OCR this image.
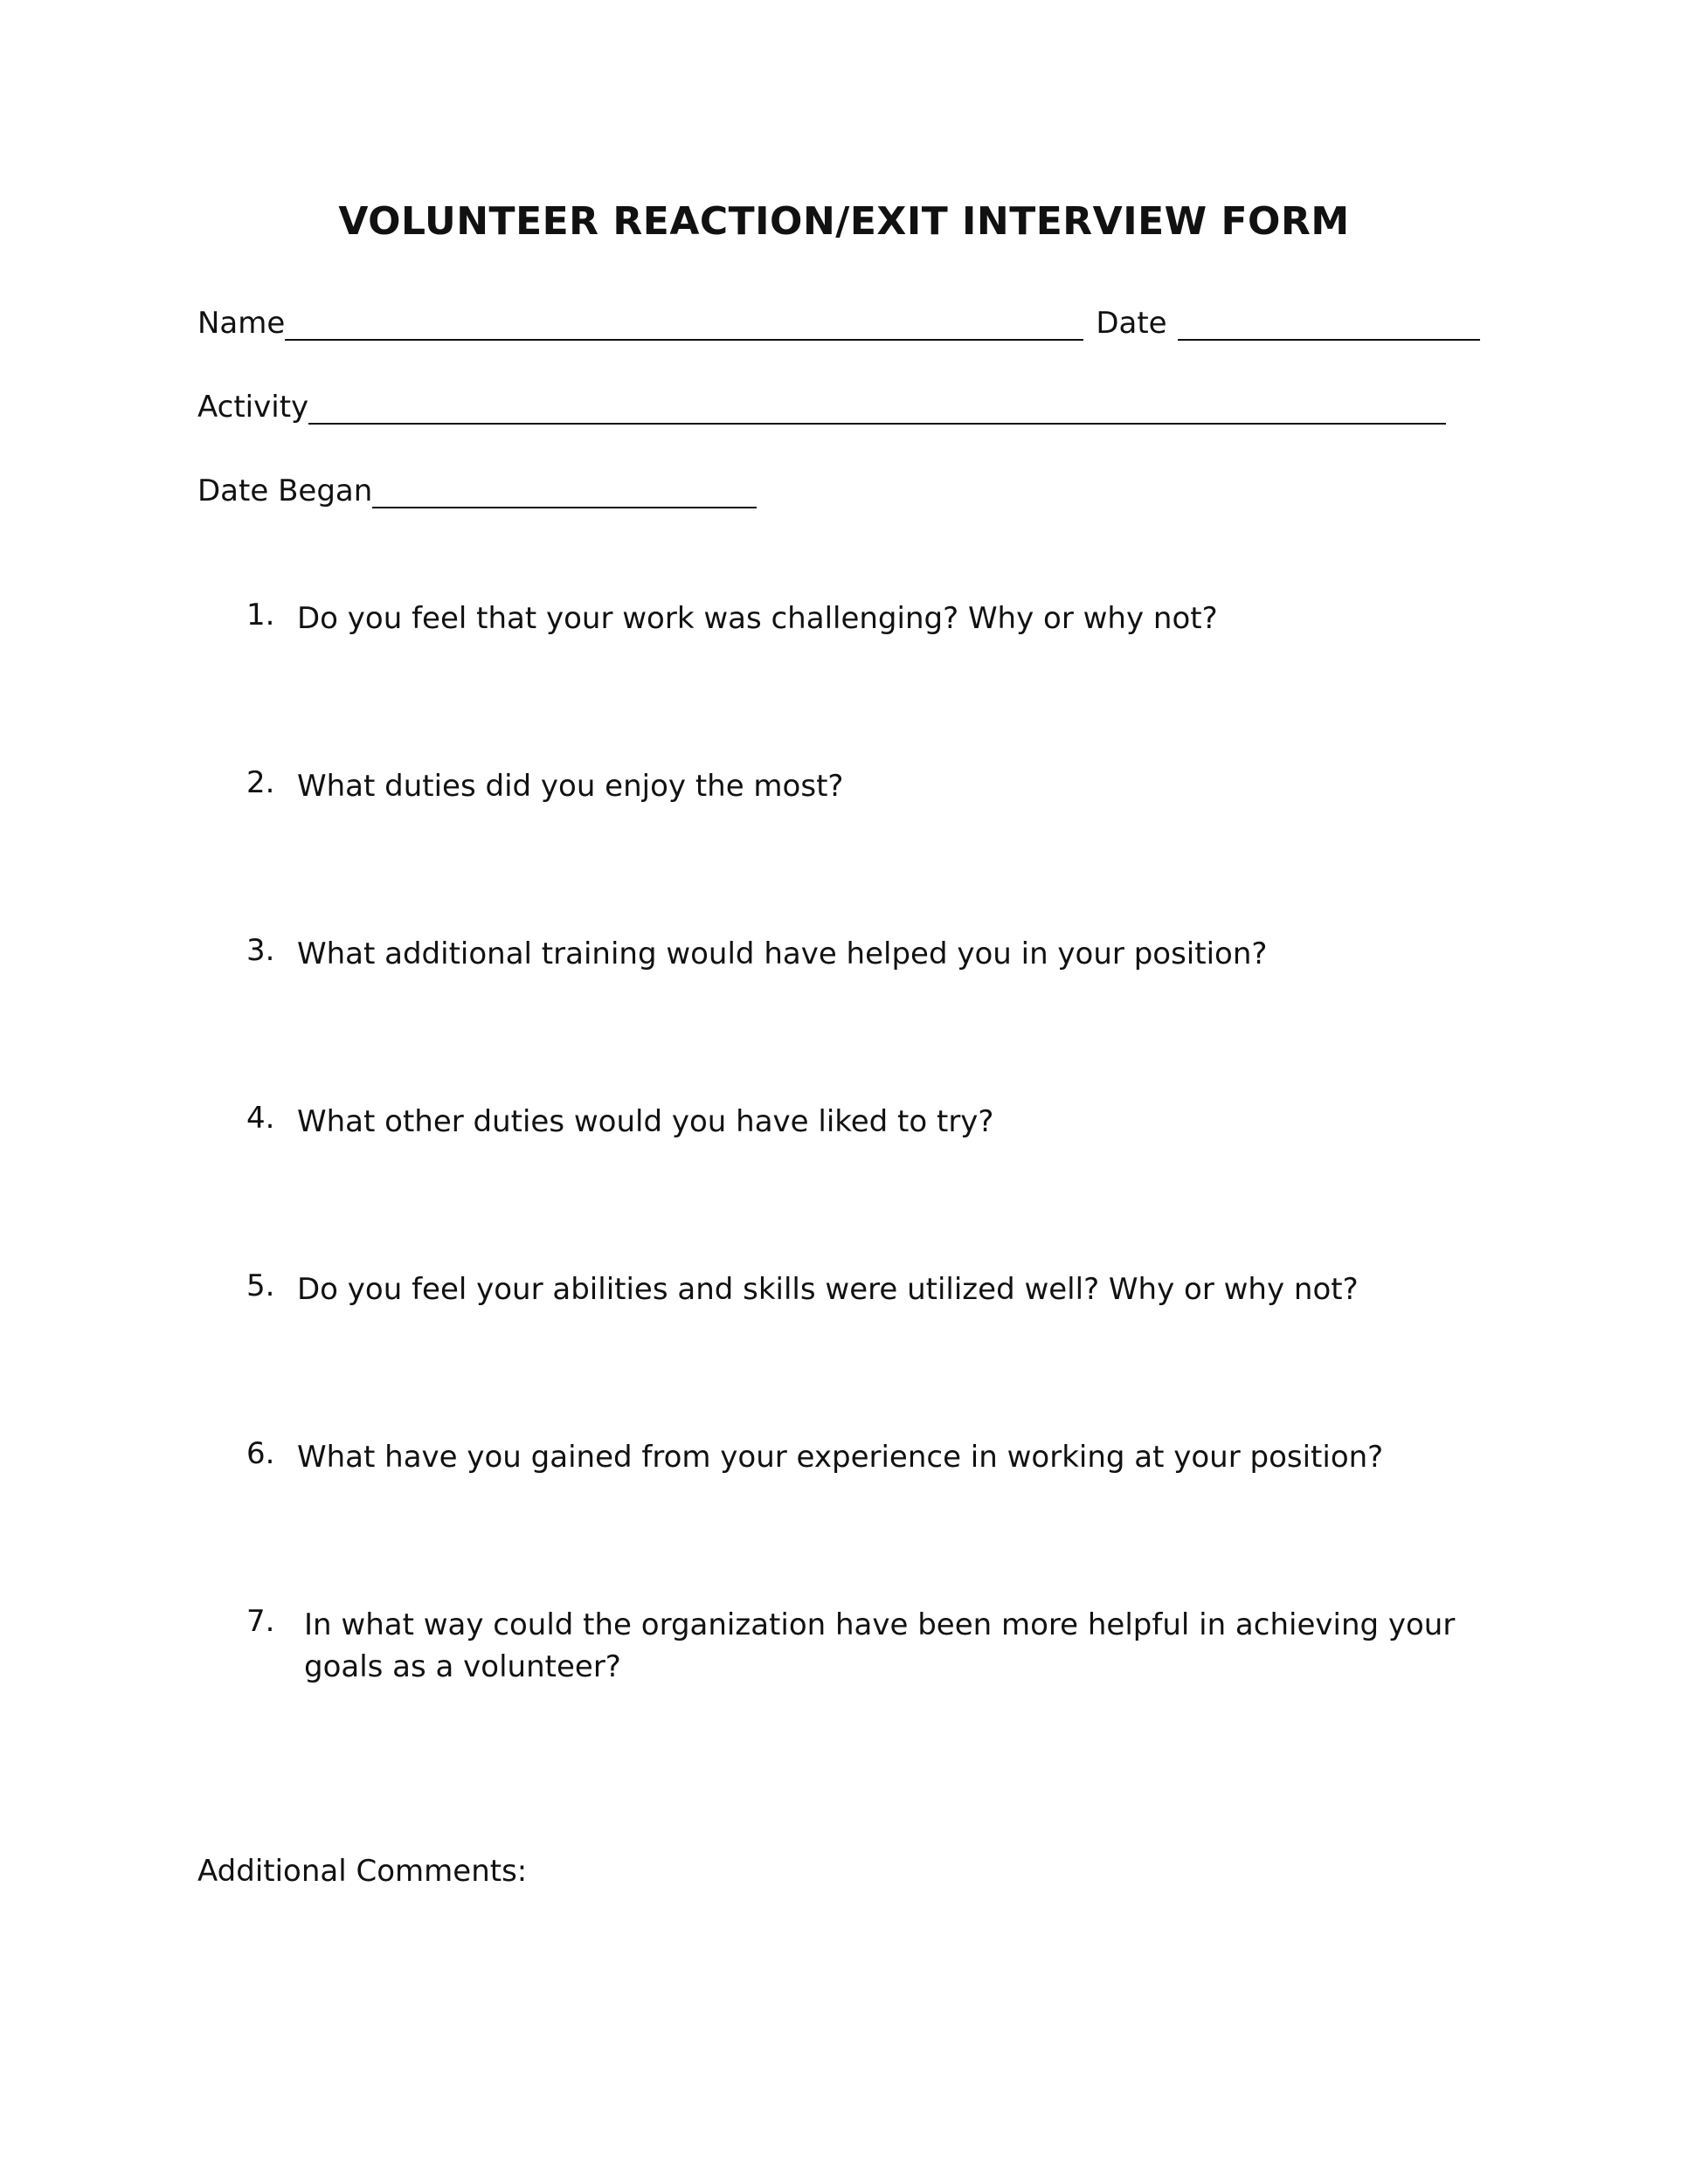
VOLUNTEER REACTION/EXIT INTERVIEW FORM
Name	Date
Activity
Date Began
1. Do you feel that your work was challenging? Why or why not?
2. What duties did you enjoy the most?
3. What additional training would have helped you in your position?
4. What other duties would you have liked to try?
5. Do you feel your abilities and skills were utilized well? Why or why not?
6. What have you gained from your experience in working at your position?
7. In what way could the organization have been more helpful in achieving your goals as a volunteer?
Additional Comments:
